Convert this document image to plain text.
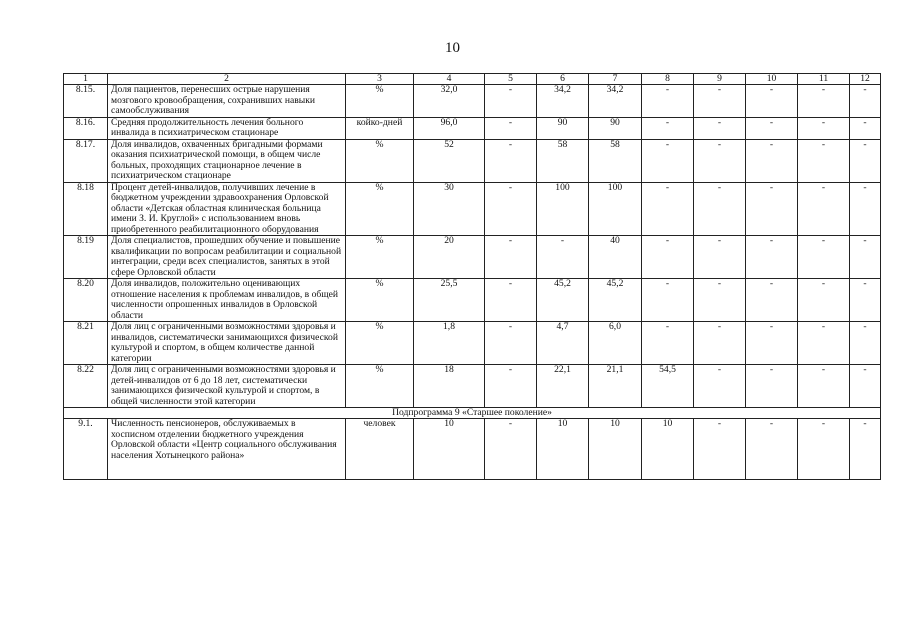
10
1	2	3	4	5	6	7	8	9	10	11	12
8.15.	Доля пациентов, перенесших острые нарушения мозгового кровообращения, сохранивших навыки самообслуживания	%	32,0	-	34,2	34,2	-	-	-	-	-
8.16.	Средняя продолжительность лечения больного инвалида в психиатрическом стационаре	койко-дней	96,0	-	90	90	-	-	-	-	-
8.17.	Доля инвалидов, охваченных бригадными формами оказания психиатрической помощи, в общем числе больных, проходящих стационарное лечение в психиатрическом стационаре	%	52	-	58	58	-	-	-	-	-
8.18	Процент детей-инвалидов, получивших лечение в бюджетном учреждении здравоохранения Орловской области «Детская областная клиническая больница имени З. И. Круглой» с использованием вновь приобретенного реабилитационного оборудования	%	30	-	100	100	-	-	-	-	-
8.19	Доля специалистов, прошедших обучение и повышение квалификации по вопросам реабилитации и социальной интеграции, среди всех специалистов, занятых в этой сфере Орловской области	%	20	-	-	40	-	-	-	-	-
8.20	Доля инвалидов, положительно оценивающих отношение населения к проблемам инвалидов, в общей численности опрошенных инвалидов в Орловской области	%	25,5	-	45,2	45,2	-	-	-	-	-
8.21	Доля лиц с ограниченными возможностями здоровья и инвалидов, систематически занимающихся физической культурой и спортом, в общем количестве данной категории	%	1,8	-	4,7	6,0	-	-	-	-	-
8.22	Доля лиц с ограниченными возможностями здоровья и детей-инвалидов от 6 до 18 лет, систематически занимающихся физической культурой и спортом, в общей численности этой категории	%	18	-	22,1	21,1	54,5	-	-	-	-
Подпрограмма 9 «Старшее поколение»											
9.1.	Численность пенсионеров, обслуживаемых в хосписном отделении бюджетного учреждения Орловской области «Центр социального обслуживания населения Хотынецкого района»	человек	10	-	10	10	10	-	-	-	-
